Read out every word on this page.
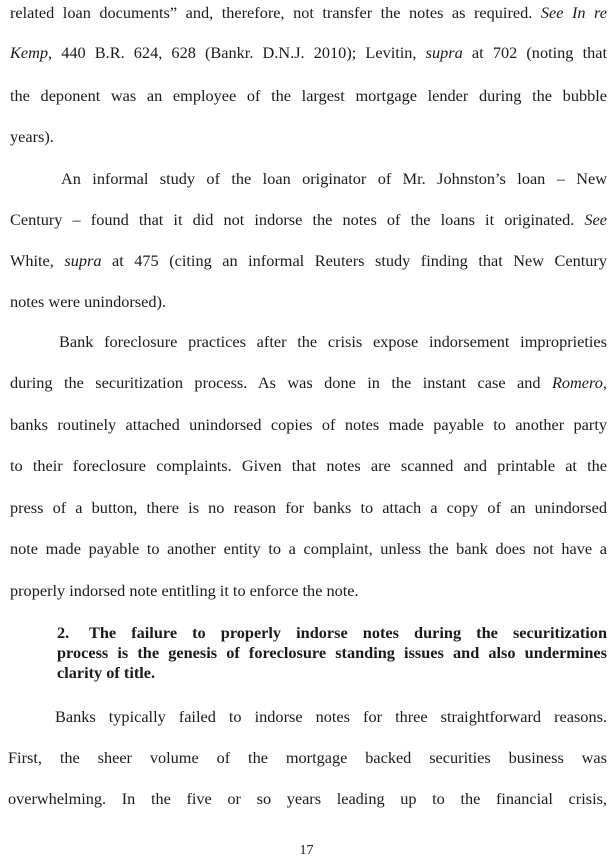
related loan documents” and, therefore, not transfer the notes as required. See In re
Kemp, 440 B.R. 624, 628 (Bankr. D.N.J. 2010); Levitin, supra at 702 (noting that
the deponent was an employee of the largest mortgage lender during the bubble
years).
An informal study of the loan originator of Mr. Johnston’s loan – New
Century – found that it did not indorse the notes of the loans it originated. See
White, supra at 475 (citing an informal Reuters study finding that New Century
notes were unindorsed).
Bank foreclosure practices after the crisis expose indorsement improprieties
during the securitization process. As was done in the instant case and Romero,
banks routinely attached unindorsed copies of notes made payable to another party
to their foreclosure complaints. Given that notes are scanned and printable at the
press of a button, there is no reason for banks to attach a copy of an unindorsed
note made payable to another entity to a complaint, unless the bank does not have a
properly indorsed note entitling it to enforce the note.
2. The failure to properly indorse notes during the securitization
process is the genesis of foreclosure standing issues and also undermines
clarity of title.
Banks typically failed to indorse notes for three straightforward reasons.
First, the sheer volume of the mortgage backed securities business was
overwhelming. In the five or so years leading up to the financial crisis,
17
